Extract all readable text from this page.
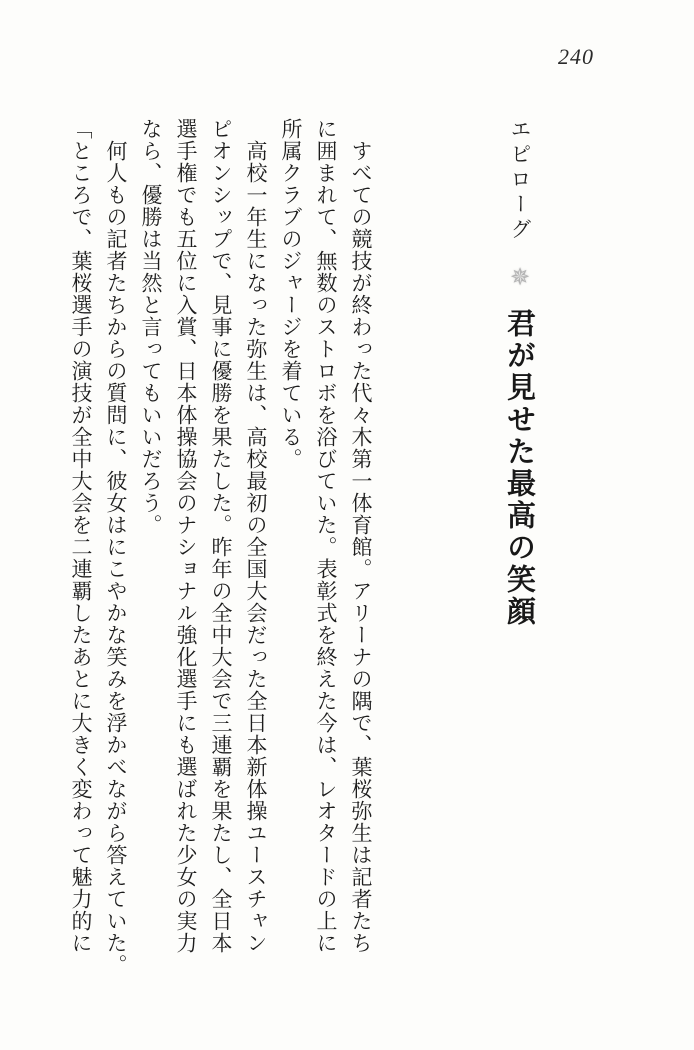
240
エピローグ ✵ 君が見せた最高の笑顔
　すべての競技が終わった代々木第一体育館。アリーナの隅で、葉桜弥生は記者たち
に囲まれて、無数のストロボを浴びていた。表彰式を終えた今は、レオタードの上に
所属クラブのジャージを着ている。
　高校一年生になった弥生は、高校最初の全国大会だった全日本新体操ユースチャン
ピオンシップで、見事に優勝を果たした。昨年の全中大会で三連覇を果たし、全日本
選手権でも五位に入賞、日本体操協会のナショナル強化選手にも選ばれた少女の実力
なら、優勝は当然と言ってもいいだろう。
　何人もの記者たちからの質問に、彼女はにこやかな笑みを浮かべながら答えていた。
「ところで、葉桜選手の演技が全中大会を二連覇したあとに大きく変わって魅力的に
